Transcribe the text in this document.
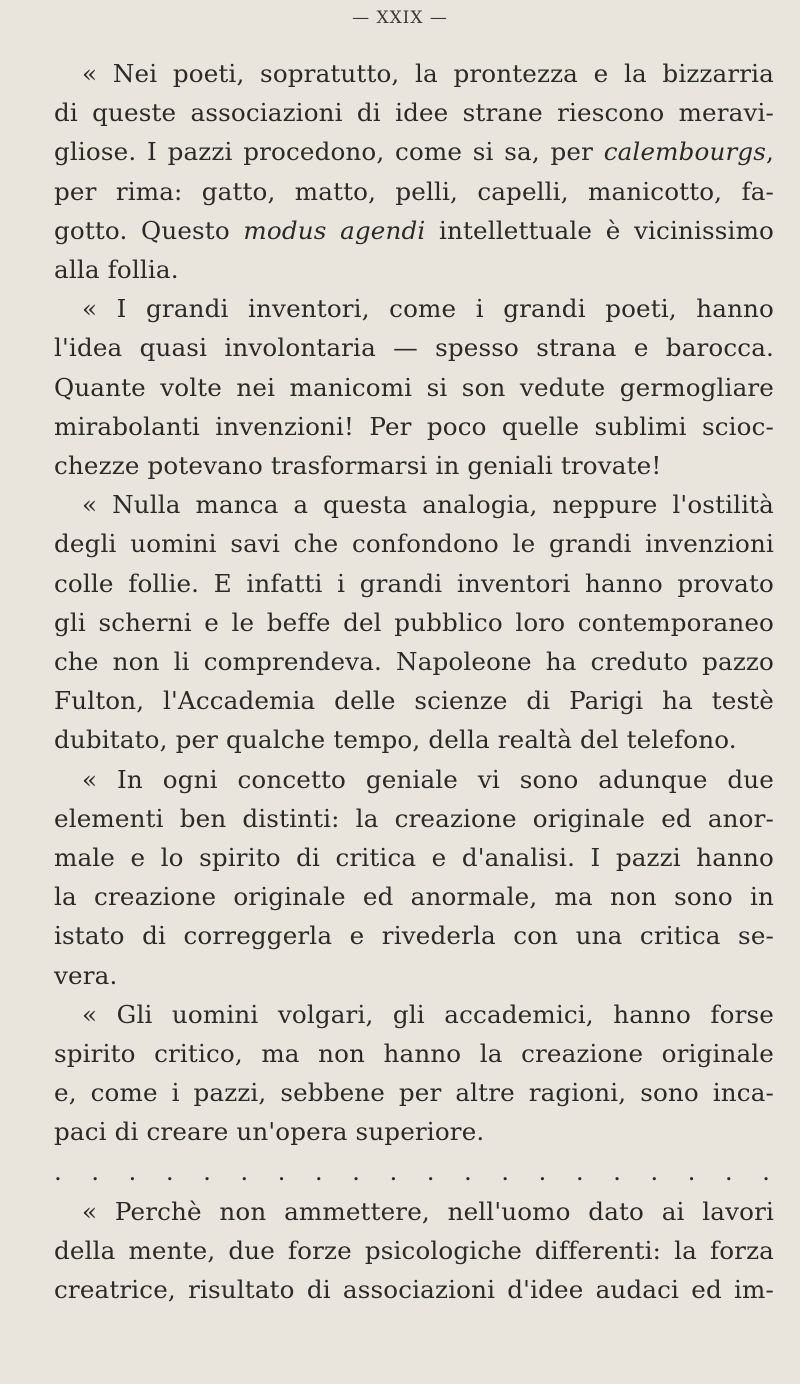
— XXIX —

« Nei poeti, sopratutto, la prontezza e la bizzarria
di queste associazioni di idee strane riescono meravi-
gliose. I pazzi procedono, come si sa, per calembourgs,
per rima: gatto, matto, pelli, capelli, manicotto, fa-
gotto. Questo modus agendi intellettuale è vicinissimo
alla follia.

« I grandi inventori, come i grandi poeti, hanno
l'idea quasi involontaria — spesso strana e barocca.
Quante volte nei manicomi si son vedute germogliare
mirabolanti invenzioni! Per poco quelle sublimi scioc-
chezze potevano trasformarsi in geniali trovate!

« Nulla manca a questa analogia, neppure l'ostilità
degli uomini savi che confondono le grandi invenzioni
colle follie. E infatti i grandi inventori hanno provato
gli scherni e le beffe del pubblico loro contemporaneo
che non li comprendeva. Napoleone ha creduto pazzo
Fulton, l'Accademia delle scienze di Parigi ha testè
dubitato, per qualche tempo, della realtà del telefono.

« In ogni concetto geniale vi sono adunque due
elementi ben distinti: la creazione originale ed anor-
male e lo spirito di critica e d'analisi. I pazzi hanno
la creazione originale ed anormale, ma non sono in
istato di correggerla e rivederla con una critica se-
vera.

« Gli uomini volgari, gli accademici, hanno forse
spirito critico, ma non hanno la creazione originale
e, come i pazzi, sebbene per altre ragioni, sono inca-
paci di creare un'opera superiore.

. . . . . . . . . . . . . . . . . . . .

« Perchè non ammettere, nell'uomo dato ai lavori
della mente, due forze psicologiche differenti: la forza
creatrice, risultato di associazioni d'idee audaci ed im-
